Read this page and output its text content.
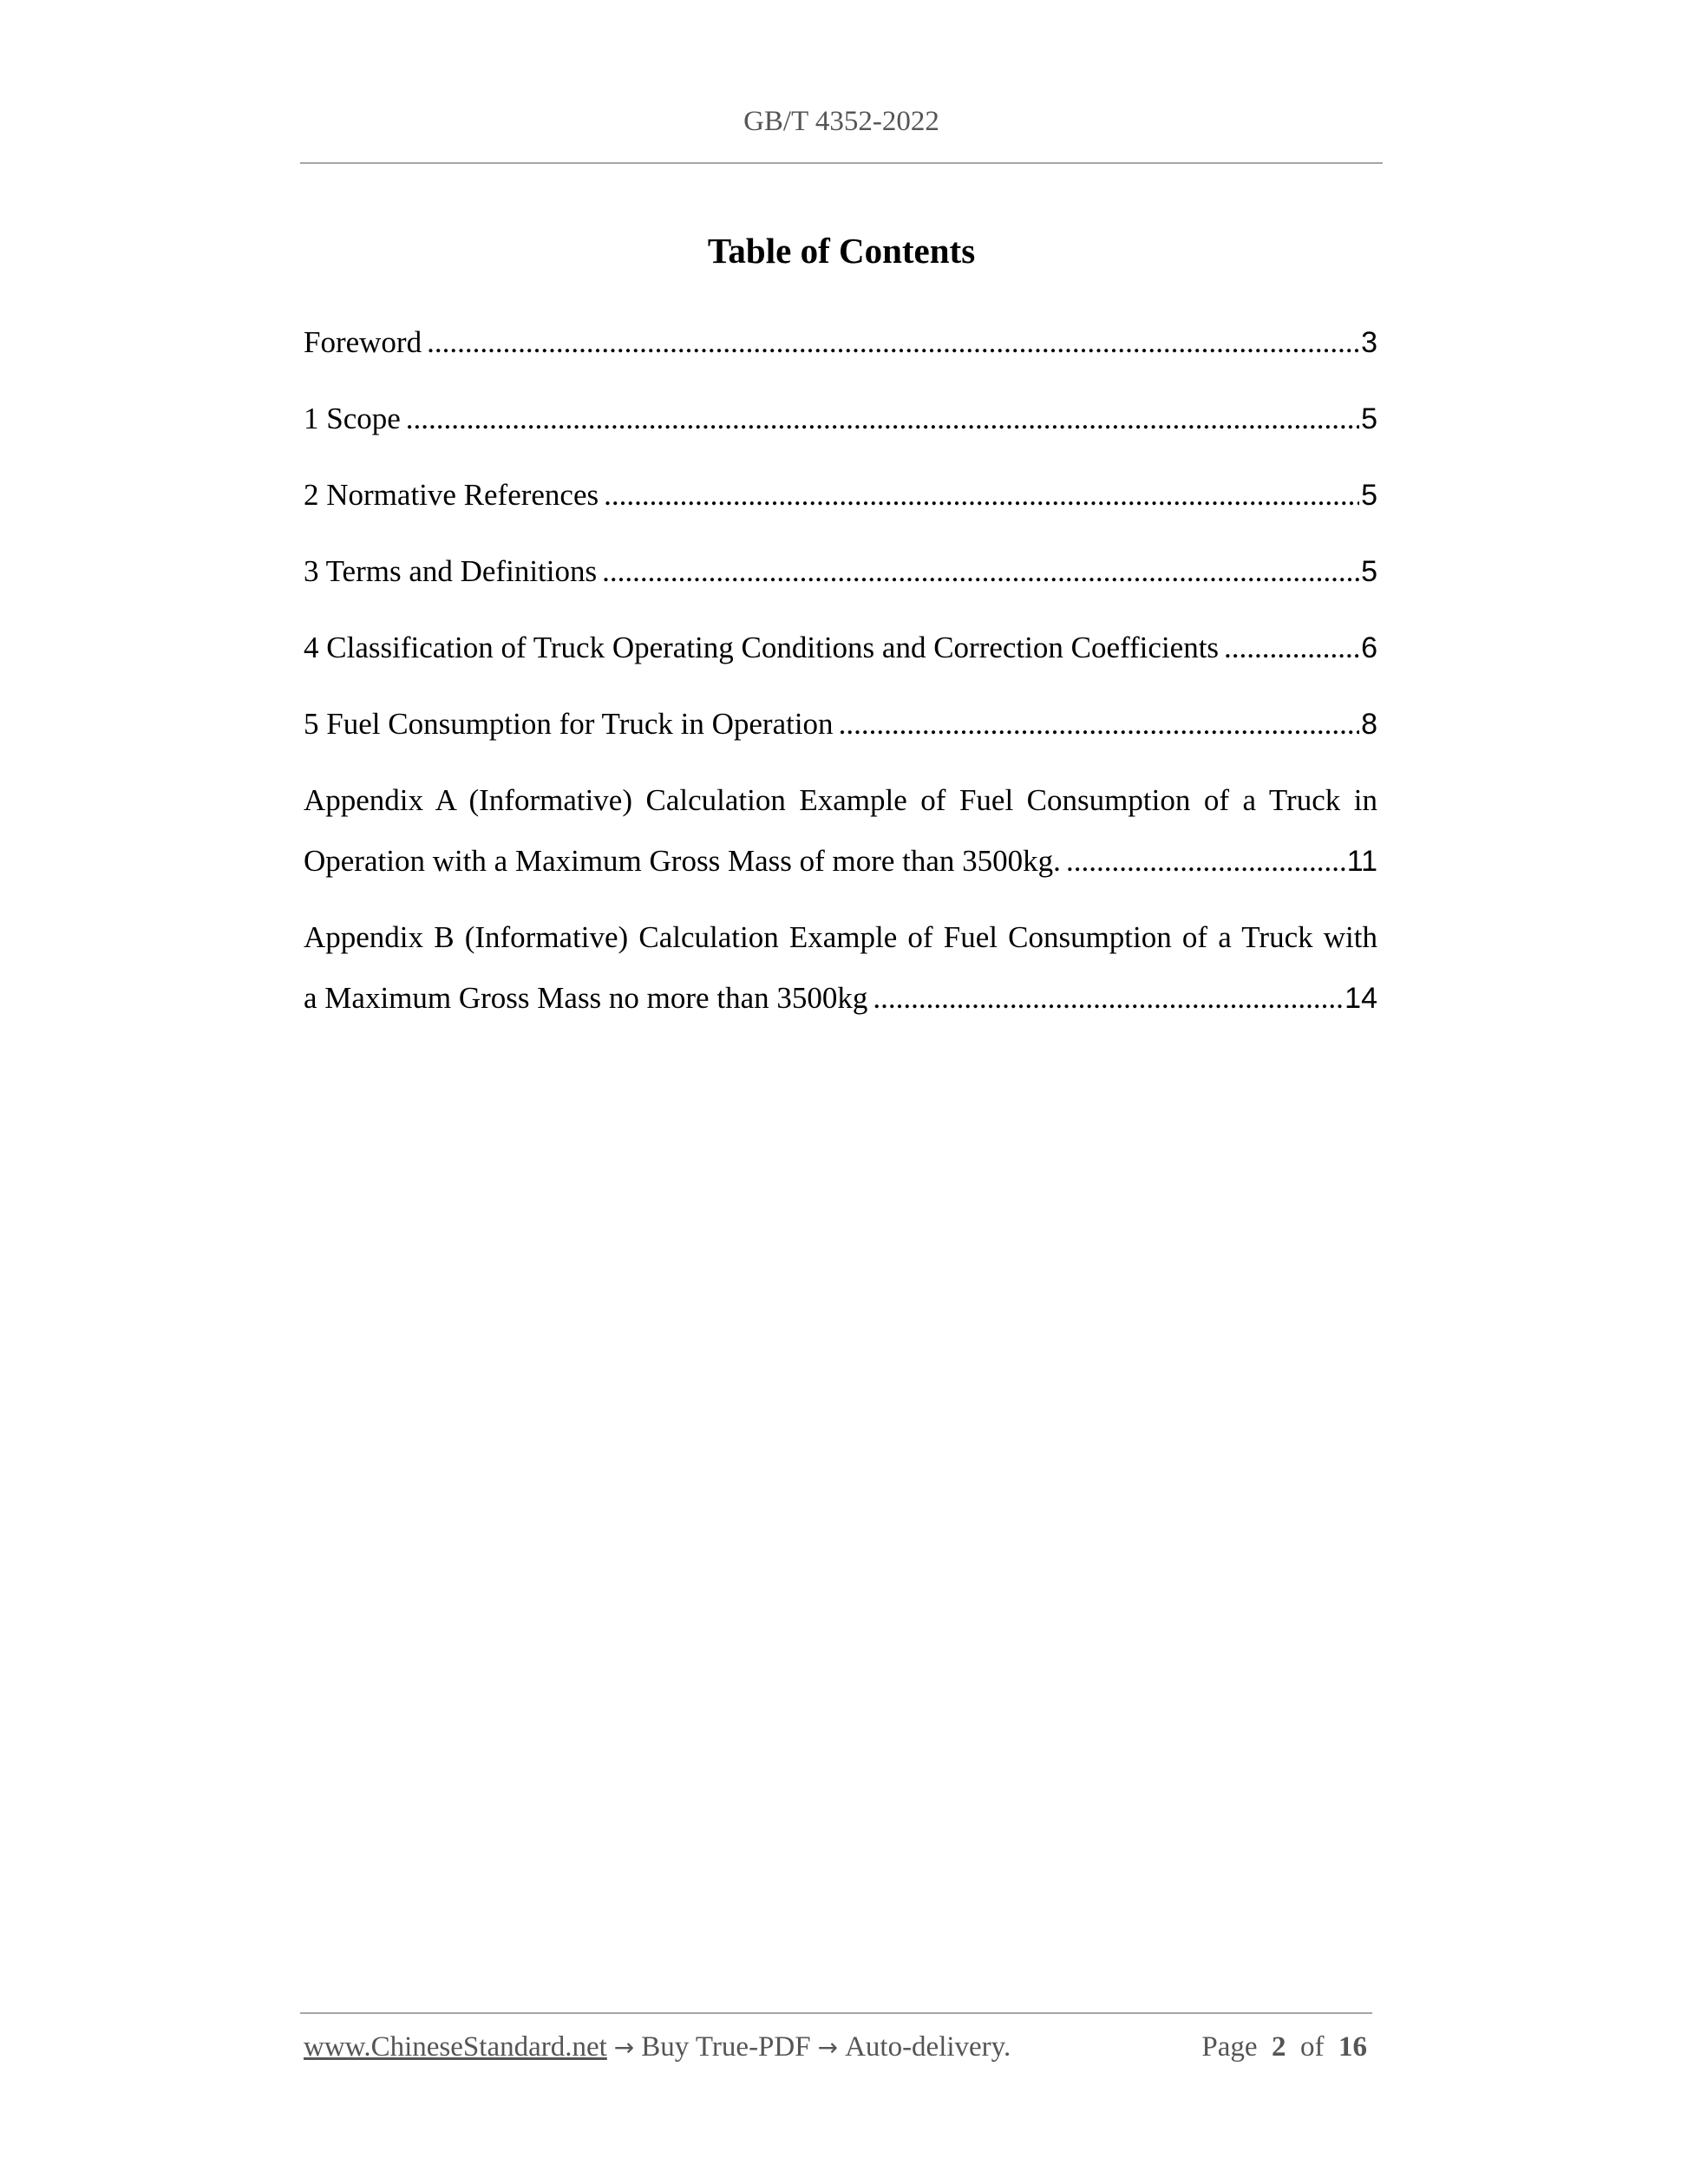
GB/T 4352-2022
Table of Contents
Foreword .....	3
1 Scope .....	5
2 Normative References .....	5
3 Terms and Definitions .....	5
4 Classification of Truck Operating Conditions and Correction Coefficients .....	6
5 Fuel Consumption for Truck in Operation .....	8
Appendix A (Informative) Calculation Example of Fuel Consumption of a Truck in
Operation with a Maximum Gross Mass of more than 3500kg. .....	11
Appendix B (Informative) Calculation Example of Fuel Consumption of a Truck with
a Maximum Gross Mass no more than 3500kg .....	14
www.ChineseStandard.net → Buy True-PDF → Auto-delivery.	Page 2 of 16
